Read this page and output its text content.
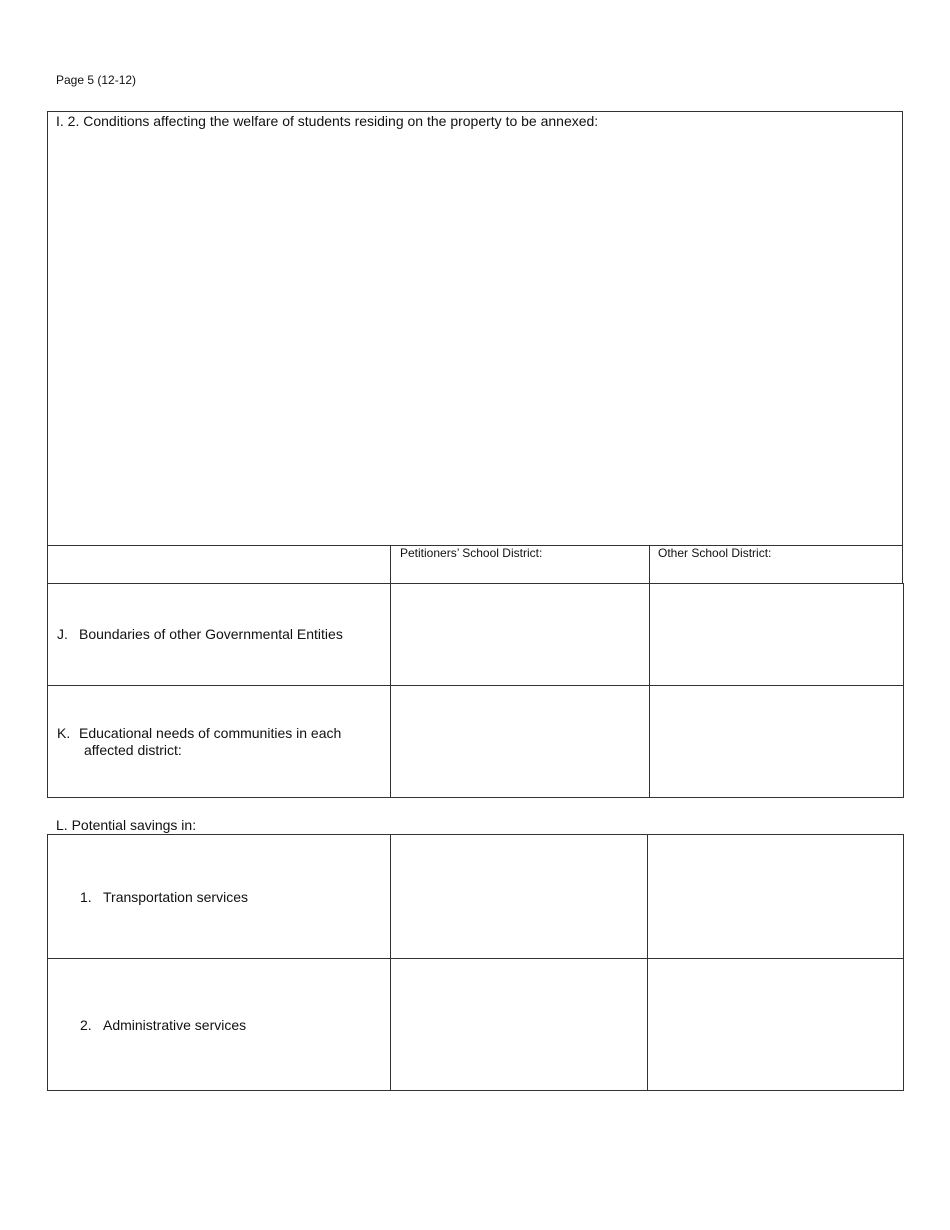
Page 5 (12-12)
I. 2. Conditions affecting the welfare of students residing on the property to be annexed:
Petitioners’ School District:	Other School District:
J. Boundaries of other Governmental Entities		

K. Educational needs of communities in each
affected district:		

L. Potential savings in:
1. Transportation services		

2. Administrative services		
